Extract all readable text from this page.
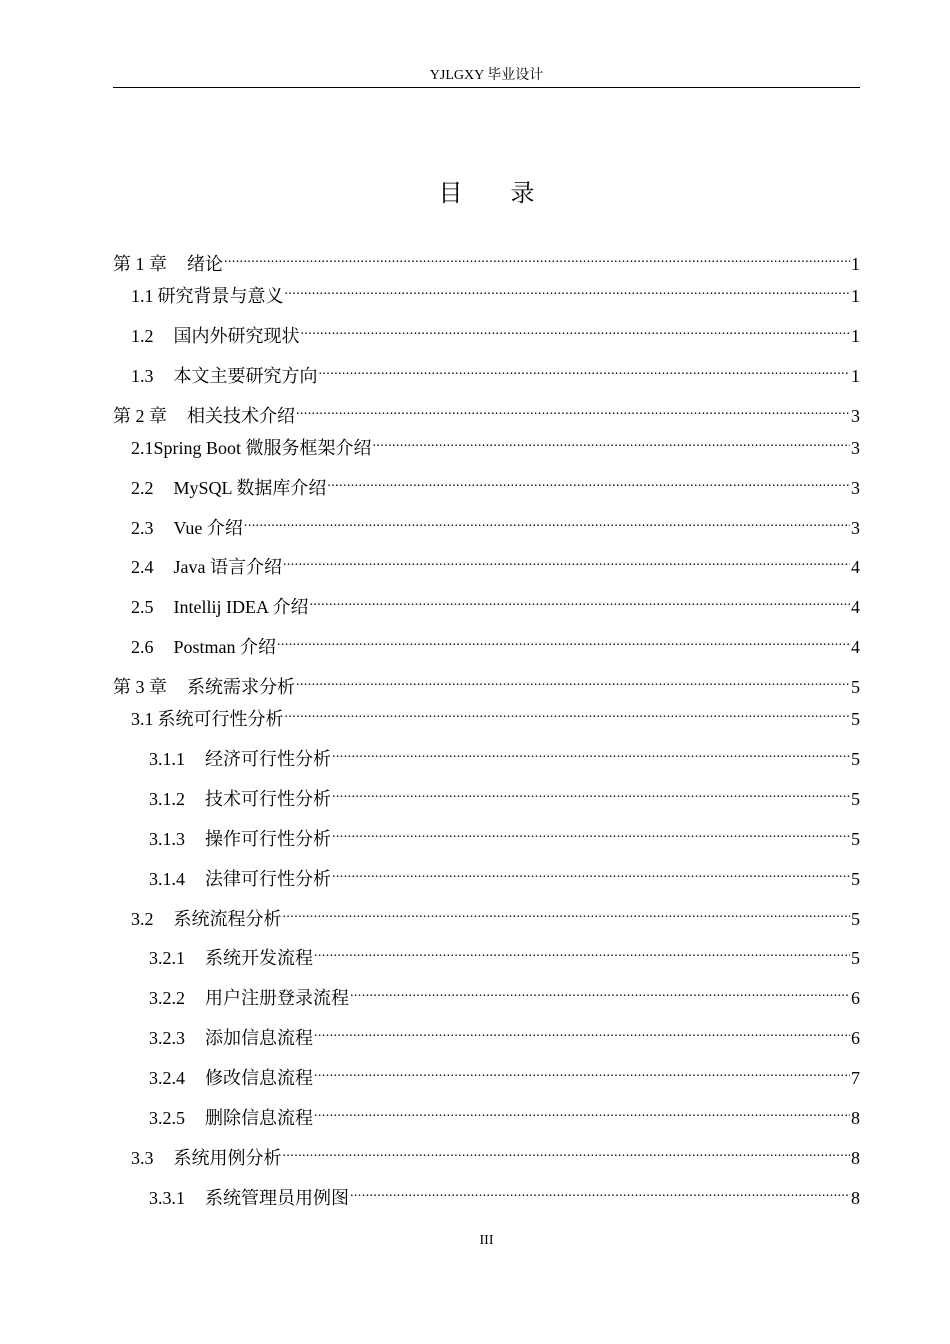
YJLGXY 毕业设计
目 录
第 1 章 绪论 .....	1
1.1 研究背景与意义 .....	1
1.2 国内外研究现状 .....	1
1.3 本文主要研究方向 .....	1
第 2 章 相关技术介绍 .....	3
2.1 Spring Boot 微服务框架介绍 .....	3
2.2 MySQL 数据库介绍 .....	3
2.3 Vue 介绍 .....	3
2.4 Java 语言介绍 .....	4
2.5 Intellij IDEA 介绍 .....	4
2.6 Postman 介绍 .....	4
第 3 章 系统需求分析 .....	5
3.1 系统可行性分析 .....	5
3.1.1 经济可行性分析 .....	5
3.1.2 技术可行性分析 .....	5
3.1.3 操作可行性分析 .....	5
3.1.4 法律可行性分析 .....	5
3.2 系统流程分析 .....	5
3.2.1 系统开发流程 .....	5
3.2.2 用户注册登录流程 .....	6
3.2.3 添加信息流程 .....	6
3.2.4 修改信息流程 .....	7
3.2.5 删除信息流程 .....	8
3.3 系统用例分析 .....	8
3.3.1 系统管理员用例图 .....	8
III
